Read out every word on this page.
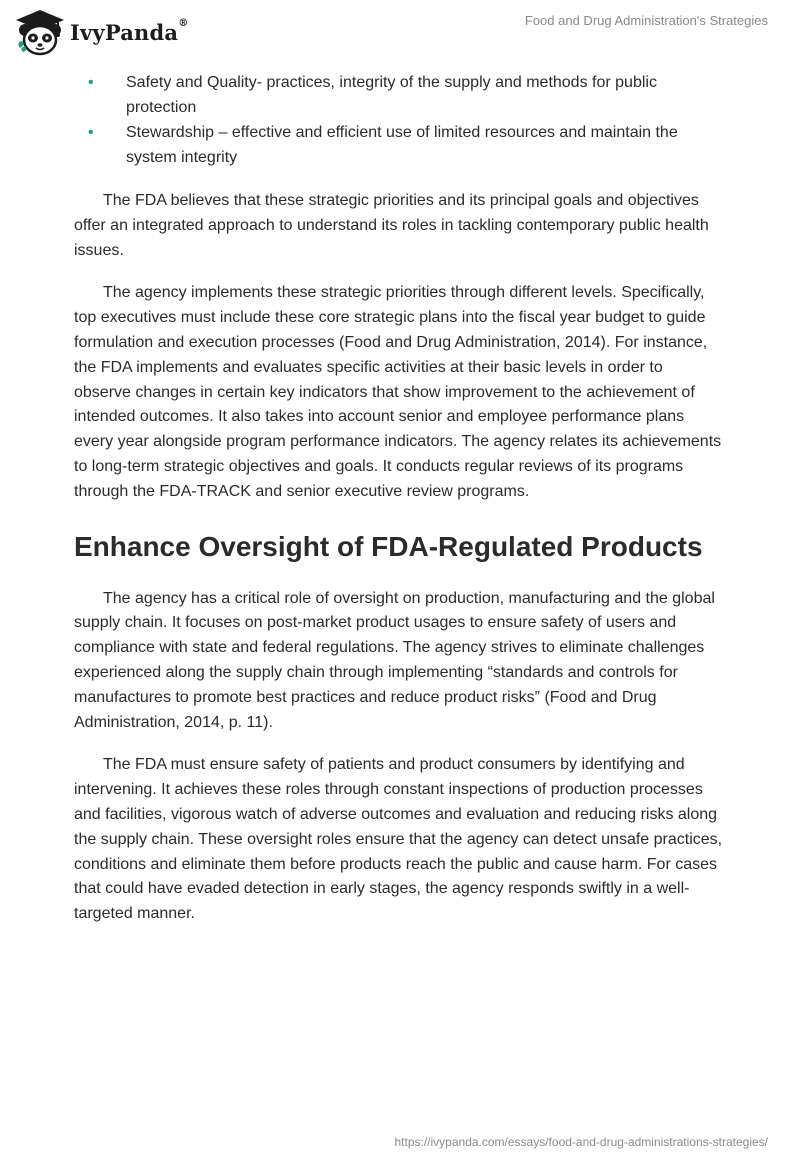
IvyPanda®	Food and Drug Administration's Strategies
• Safety and Quality- practices, integrity of the supply and methods for public protection
• Stewardship – effective and efficient use of limited resources and maintain the system integrity

The FDA believes that these strategic priorities and its principal goals and objectives offer an integrated approach to understand its roles in tackling contemporary public health issues.

The agency implements these strategic priorities through different levels. Specifically, top executives must include these core strategic plans into the fiscal year budget to guide formulation and execution processes (Food and Drug Administration, 2014). For instance, the FDA implements and evaluates specific activities at their basic levels in order to observe changes in certain key indicators that show improvement to the achievement of intended outcomes. It also takes into account senior and employee performance plans every year alongside program performance indicators. The agency relates its achievements to long-term strategic objectives and goals. It conducts regular reviews of its programs through the FDA-TRACK and senior executive review programs.

Enhance Oversight of FDA-Regulated Products

The agency has a critical role of oversight on production, manufacturing and the global supply chain. It focuses on post-market product usages to ensure safety of users and compliance with state and federal regulations. The agency strives to eliminate challenges experienced along the supply chain through implementing “standards and controls for manufactures to promote best practices and reduce product risks” (Food and Drug Administration, 2014, p. 11).

The FDA must ensure safety of patients and product consumers by identifying and intervening. It achieves these roles through constant inspections of production processes and facilities, vigorous watch of adverse outcomes and evaluation and reducing risks along the supply chain. These oversight roles ensure that the agency can detect unsafe practices, conditions and eliminate them before products reach the public and cause harm. For cases that could have evaded detection in early stages, the agency responds swiftly in a well-targeted manner.

https://ivypanda.com/essays/food-and-drug-administrations-strategies/
